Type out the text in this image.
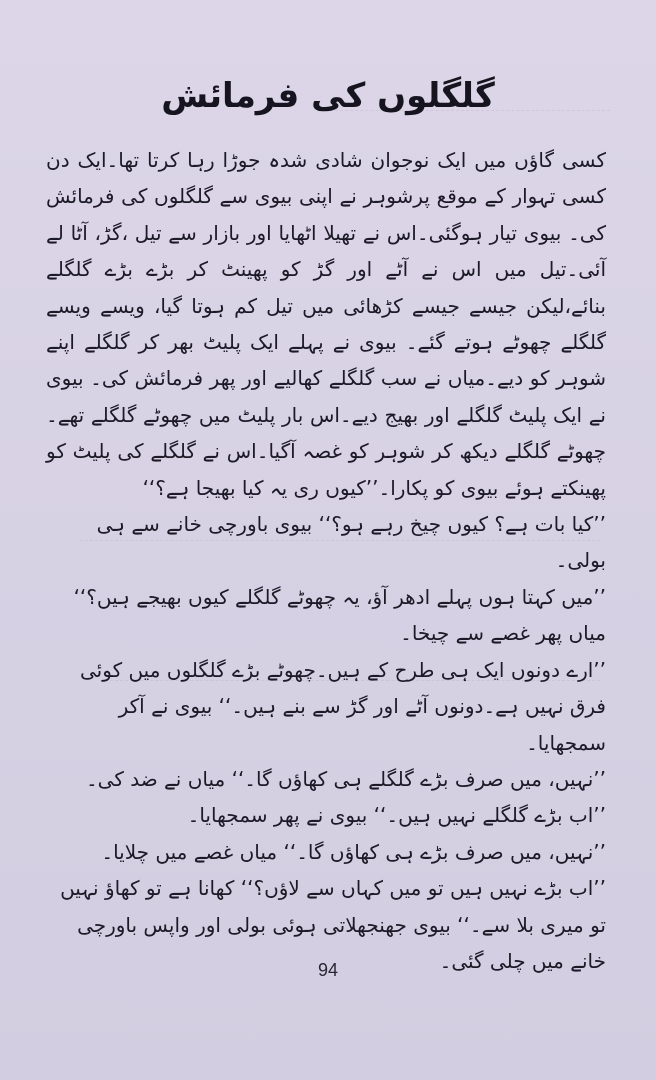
گلگلوں کی فرمائش

کسی گاؤں میں ایک نوجوان شادی شدہ جوڑا رہا کرتا تھا۔ایک دن کسی تہوار کے موقع پرشوہر نے اپنی بیوی سے گلگلوں کی فرمائش کی۔ بیوی تیار ہوگئی۔اس نے تھیلا اٹھایا اور بازار سے تیل ،گڑ، آٹا لے آئی۔تیل میں اس نے آٹے اور گڑ کو پھینٹ کر بڑے بڑے گلگلے بنائے،لیکن جیسے جیسے کڑھائی میں تیل کم ہوتا گیا، ویسے ویسے گلگلے چھوٹے ہوتے گئے۔ بیوی نے پہلے ایک پلیٹ بھر کر گلگلے اپنے شوہر کو دیے۔میاں نے سب گلگلے کھالیے اور پھر فرمائش کی۔ بیوی نے ایک پلیٹ گلگلے اور بھیج دیے۔اس بار پلیٹ میں چھوٹے گلگلے تھے۔چھوٹے گلگلے دیکھ کر شوہر کو غصہ آگیا۔اس نے گلگلے کی پلیٹ کو پھینکتے ہوئے بیوی کو پکارا۔’’کیوں ری یہ کیا بھیجا ہے؟‘‘

’’کیا بات ہے؟ کیوں چیخ رہے ہو؟‘‘ بیوی باورچی خانے سے ہی بولی۔

’’میں کہتا ہوں پہلے ادھر آؤ، یہ چھوٹے گلگلے کیوں بھیجے ہیں؟‘‘ میاں پھر غصے سے چیخا۔

’’ارے دونوں ایک ہی طرح کے ہیں۔چھوٹے بڑے گلگلوں میں کوئی فرق نہیں ہے۔دونوں آٹے اور گڑ سے بنے ہیں۔‘‘ بیوی نے آکر سمجھایا۔

’’نہیں، میں صرف بڑے گلگلے ہی کھاؤں گا۔‘‘ میاں نے ضد کی۔

’’اب بڑے گلگلے نہیں ہیں۔‘‘ بیوی نے پھر سمجھایا۔

’’نہیں، میں صرف بڑے ہی کھاؤں گا۔‘‘ میاں غصے میں چلایا۔

’’اب بڑے نہیں ہیں تو میں کہاں سے لاؤں؟‘‘ کھانا ہے تو کھاؤ نہیں تو میری بلا سے۔‘‘ بیوی جھنجھلاتی ہوئی بولی اور واپس باورچی خانے میں چلی گئی۔

94
